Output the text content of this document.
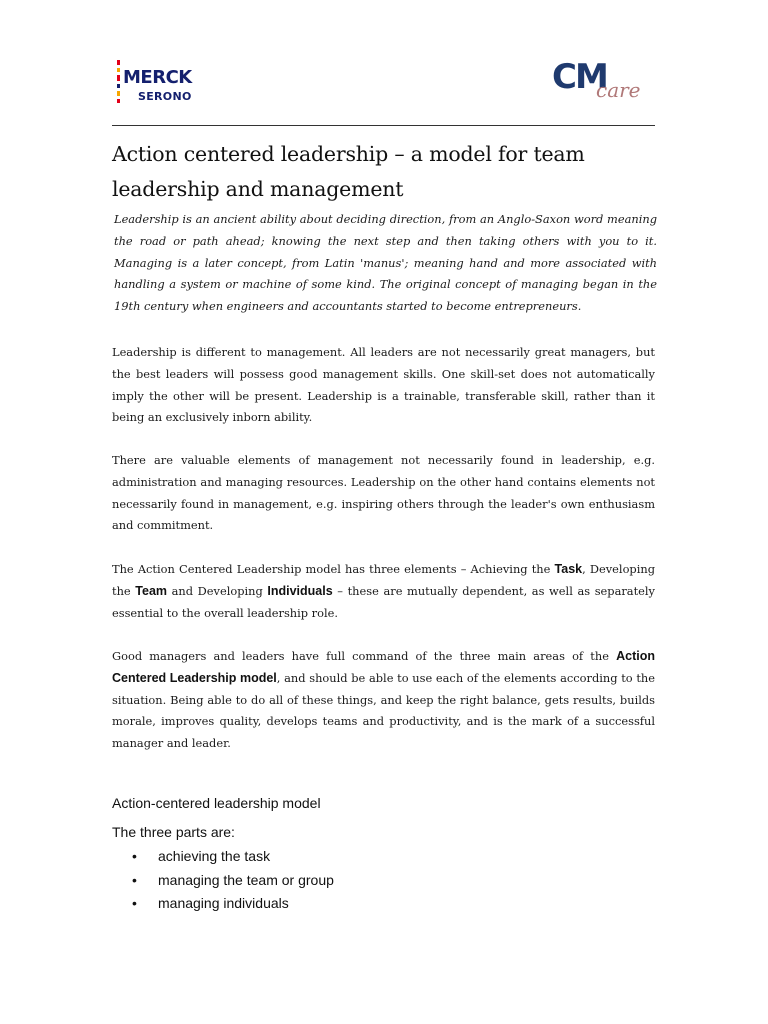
MERCK
SERONO	CM
care
Action centered leadership – a model for team leadership and management

Leadership is an ancient ability about deciding direction, from an Anglo-Saxon word meaning the road or path ahead; knowing the next step and then taking others with you to it. Managing is a later concept, from Latin 'manus'; meaning hand and more associated with handling a system or machine of some kind. The original concept of managing began in the 19th century when engineers and accountants started to become entrepreneurs.

Leadership is different to management. All leaders are not necessarily great managers, but the best leaders will possess good management skills. One skill-set does not automatically imply the other will be present. Leadership is a trainable, transferable skill, rather than it being an exclusively inborn ability.

There are valuable elements of management not necessarily found in leadership, e.g. administration and managing resources. Leadership on the other hand contains elements not necessarily found in management, e.g. inspiring others through the leader's own enthusiasm and commitment.

The Action Centered Leadership model has three elements – Achieving the Task, Developing the Team and Developing Individuals – these are mutually dependent, as well as separately essential to the overall leadership role.

Good managers and leaders have full command of the three main areas of the Action Centered Leadership model, and should be able to use each of the elements according to the situation. Being able to do all of these things, and keep the right balance, gets results, builds morale, improves quality, develops teams and productivity, and is the mark of a successful manager and leader.

Action-centered leadership model

The three parts are:

• achieving the task
• managing the team or group
• managing individuals
